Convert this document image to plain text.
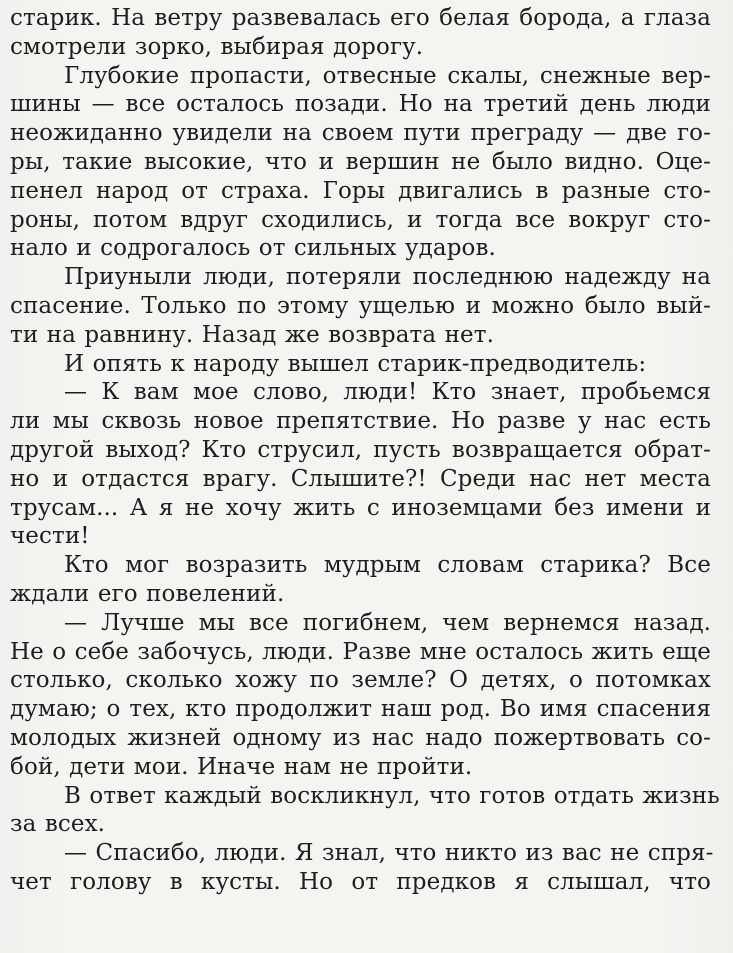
старик. На ветру развевалась его белая борода, а глаза
смотрели зорко, выбирая дорогу.

Глубокие пропасти, отвесные скалы, снежные вер-
шины — все осталось позади. Но на третий день люди
неожиданно увидели на своем пути преграду — две го-
ры, такие высокие, что и вершин не было видно. Оце-
пенел народ от страха. Горы двигались в разные сто-
роны, потом вдруг сходились, и тогда все вокруг сто-
нало и содрогалось от сильных ударов.

Приуныли люди, потеряли последнюю надежду на
спасение. Только по этому ущелью и можно было вый-
ти на равнину. Назад же возврата нет.

И опять к народу вышел старик-предводитель:

— К вам мое слово, люди! Кто знает, пробьемся
ли мы сквозь новое препятствие. Но разве у нас есть
другой выход? Кто струсил, пусть возвращается обрат-
но и отдастся врагу. Слышите?! Среди нас нет места
трусам... А я не хочу жить с иноземцами без имени и
чести!

Кто мог возразить мудрым словам старика? Все
ждали его повелений.

— Лучше мы все погибнем, чем вернемся назад.
Не о себе забочусь, люди. Разве мне осталось жить еще
столько, сколько хожу по земле? О детях, о потомках
думаю; о тех, кто продолжит наш род. Во имя спасения
молодых жизней одному из нас надо пожертвовать со-
бой, дети мои. Иначе нам не пройти.

В ответ каждый воскликнул, что готов отдать жизнь
за всех.

— Спасибо, люди. Я знал, что никто из вас не спря-
чет голову в кусты. Но от предков я слышал, что
